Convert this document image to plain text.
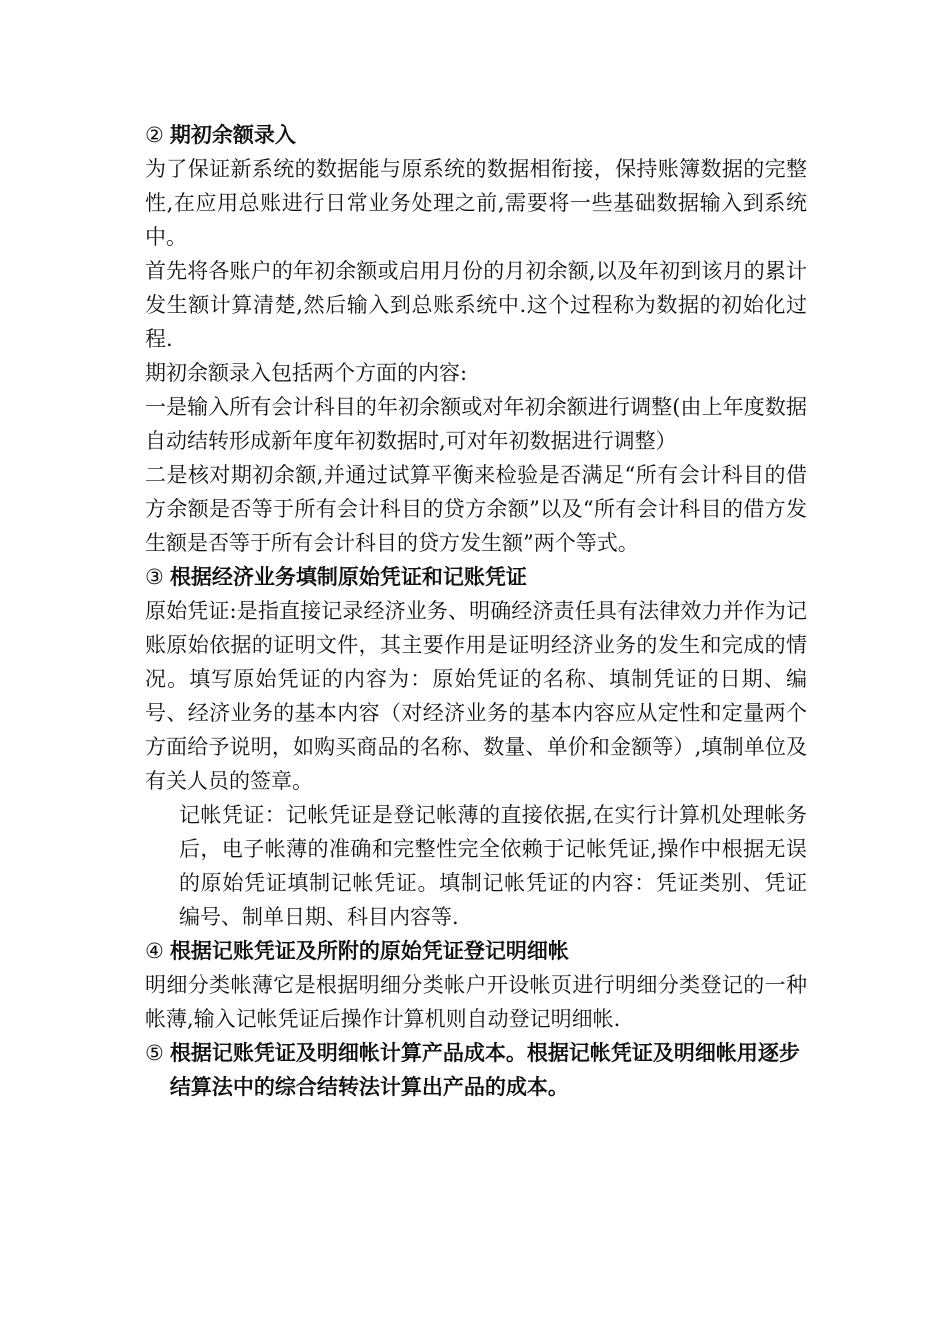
② 期初余额录入

为了保证新系统的数据能与原系统的数据相衔接，保持账簿数据的完整性,在应用总账进行日常业务处理之前,需要将一些基础数据输入到系统中。

首先将各账户的年初余额或启用月份的月初余额,以及年初到该月的累计发生额计算清楚,然后输入到总账系统中.这个过程称为数据的初始化过程.

期初余额录入包括两个方面的内容:

一是输入所有会计科目的年初余额或对年初余额进行调整(由上年度数据自动结转形成新年度年初数据时,可对年初数据进行调整）

二是核对期初余额,并通过试算平衡来检验是否满足“所有会计科目的借方余额是否等于所有会计科目的贷方余额”以及“所有会计科目的借方发生额是否等于所有会计科目的贷方发生额”两个等式。

③ 根据经济业务填制原始凭证和记账凭证

原始凭证:是指直接记录经济业务、明确经济责任具有法律效力并作为记账原始依据的证明文件，其主要作用是证明经济业务的发生和完成的情况。填写原始凭证的内容为：原始凭证的名称、填制凭证的日期、编号、经济业务的基本内容（对经济业务的基本内容应从定性和定量两个方面给予说明，如购买商品的名称、数量、单价和金额等）,填制单位及有关人员的签章。

记帐凭证：记帐凭证是登记帐薄的直接依据,在实行计算机处理帐务后，电子帐薄的准确和完整性完全依赖于记帐凭证,操作中根据无误的原始凭证填制记帐凭证。填制记帐凭证的内容：凭证类别、凭证编号、制单日期、科目内容等.

④ 根据记账凭证及所附的原始凭证登记明细帐

明细分类帐薄它是根据明细分类帐户开设帐页进行明细分类登记的一种帐薄,输入记帐凭证后操作计算机则自动登记明细帐.

⑤ 根据记账凭证及明细帐计算产品成本。根据记帐凭证及明细帐用逐步结算法中的综合结转法计算出产品的成本。
